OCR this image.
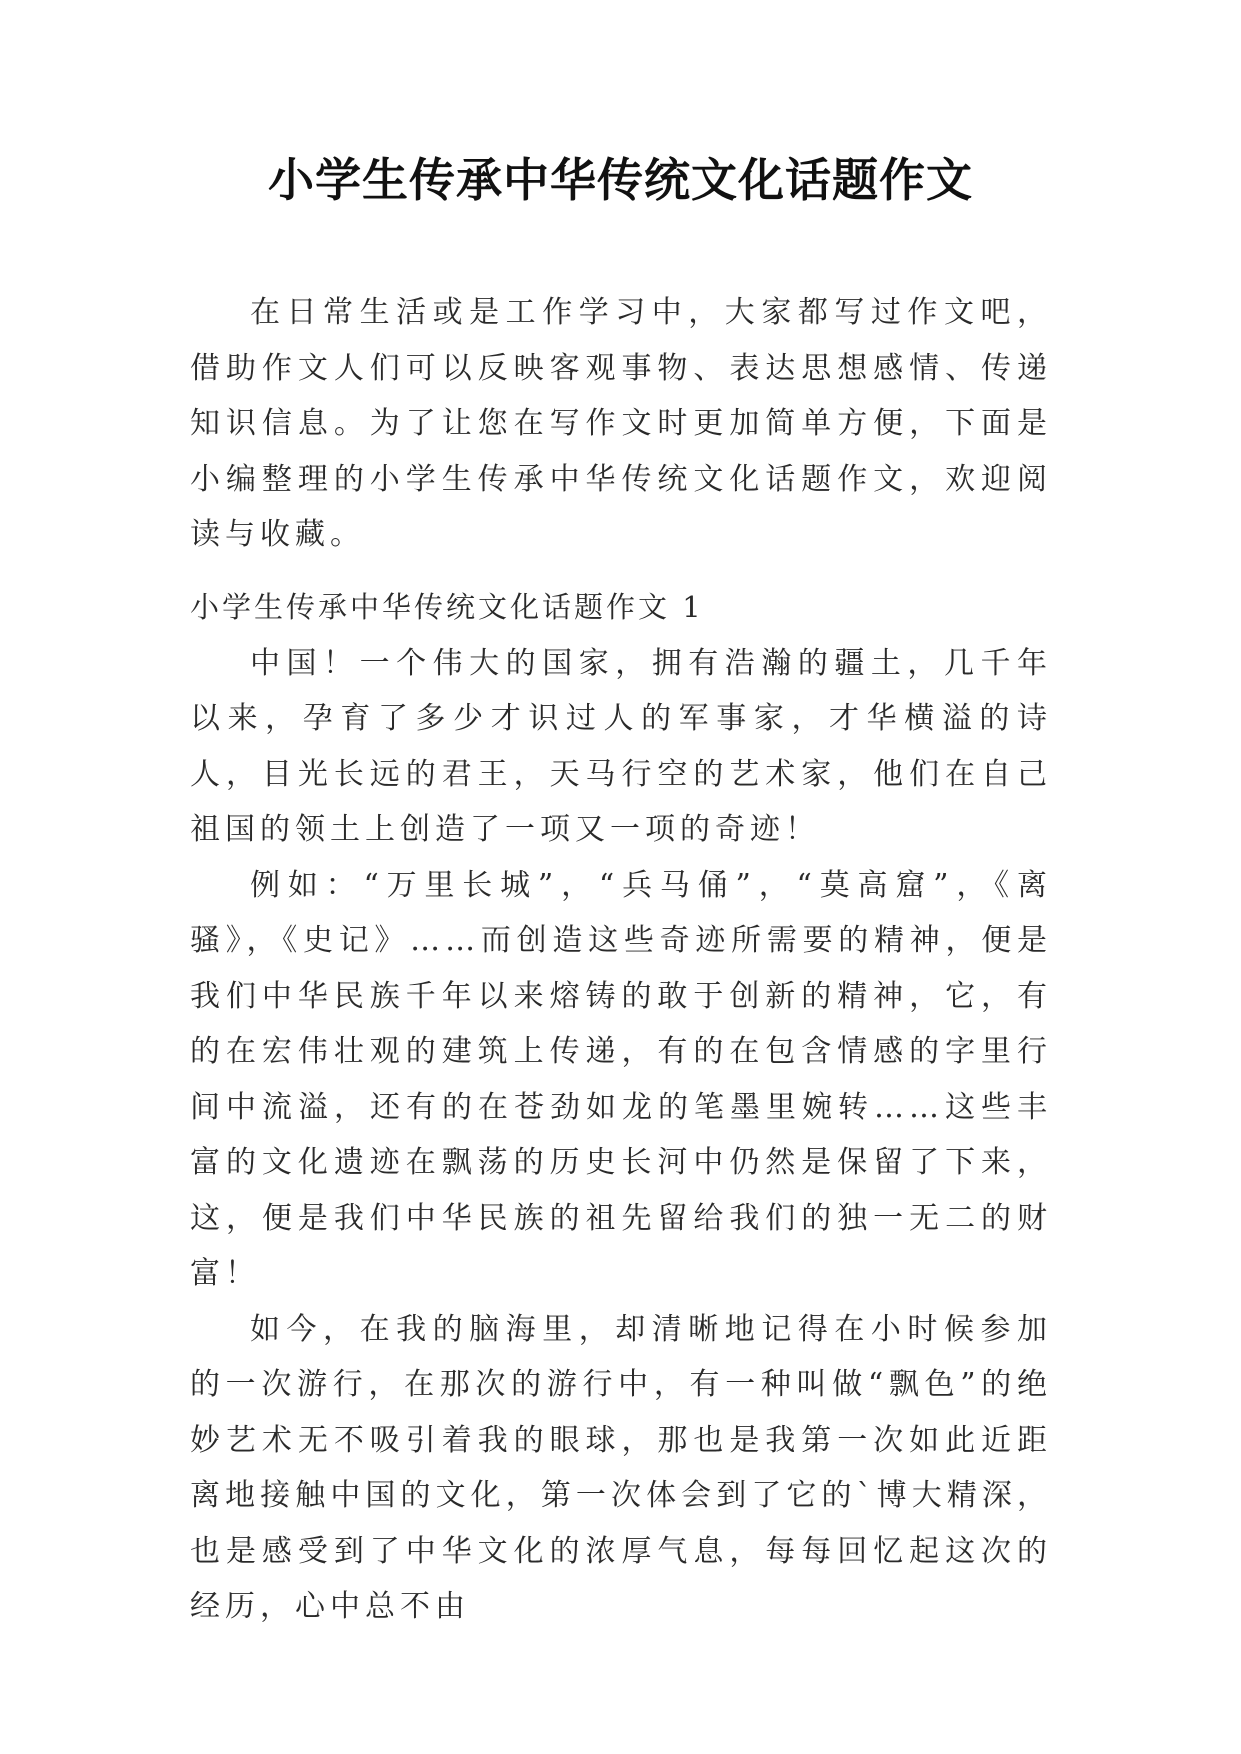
小学生传承中华传统文化话题作文

在日常生活或是工作学习中，大家都写过作文吧，借助作文人们可以反映客观事物、表达思想感情、传递知识信息。为了让您在写作文时更加简单方便，下面是小编整理的小学生传承中华传统文化话题作文，欢迎阅读与收藏。

小学生传承中华传统文化话题作文 1

中国！一个伟大的国家，拥有浩瀚的疆土，几千年以来，孕育了多少才识过人的军事家，才华横溢的诗人，目光长远的君王，天马行空的艺术家，他们在自己祖国的领土上创造了一项又一项的奇迹！

例如：“万里长城”，“兵马俑”，“莫高窟”，《离骚》，《史记》……而创造这些奇迹所需要的精神，便是我们中华民族千年以来熔铸的敢于创新的精神，它，有的在宏伟壮观的建筑上传递，有的在包含情感的字里行间中流溢，还有的在苍劲如龙的笔墨里婉转……这些丰富的文化遗迹在飘荡的历史长河中仍然是保留了下来，这，便是我们中华民族的祖先留给我们的独一无二的财富！

如今，在我的脑海里，却清晰地记得在小时候参加的一次游行，在那次的游行中，有一种叫做“飘色”的绝妙艺术无不吸引着我的眼球，那也是我第一次如此近距离地接触中国的文化，第一次体会到了它的`博大精深，也是感受到了中华文化的浓厚气息，每每回忆起这次的经历，心中总不由
